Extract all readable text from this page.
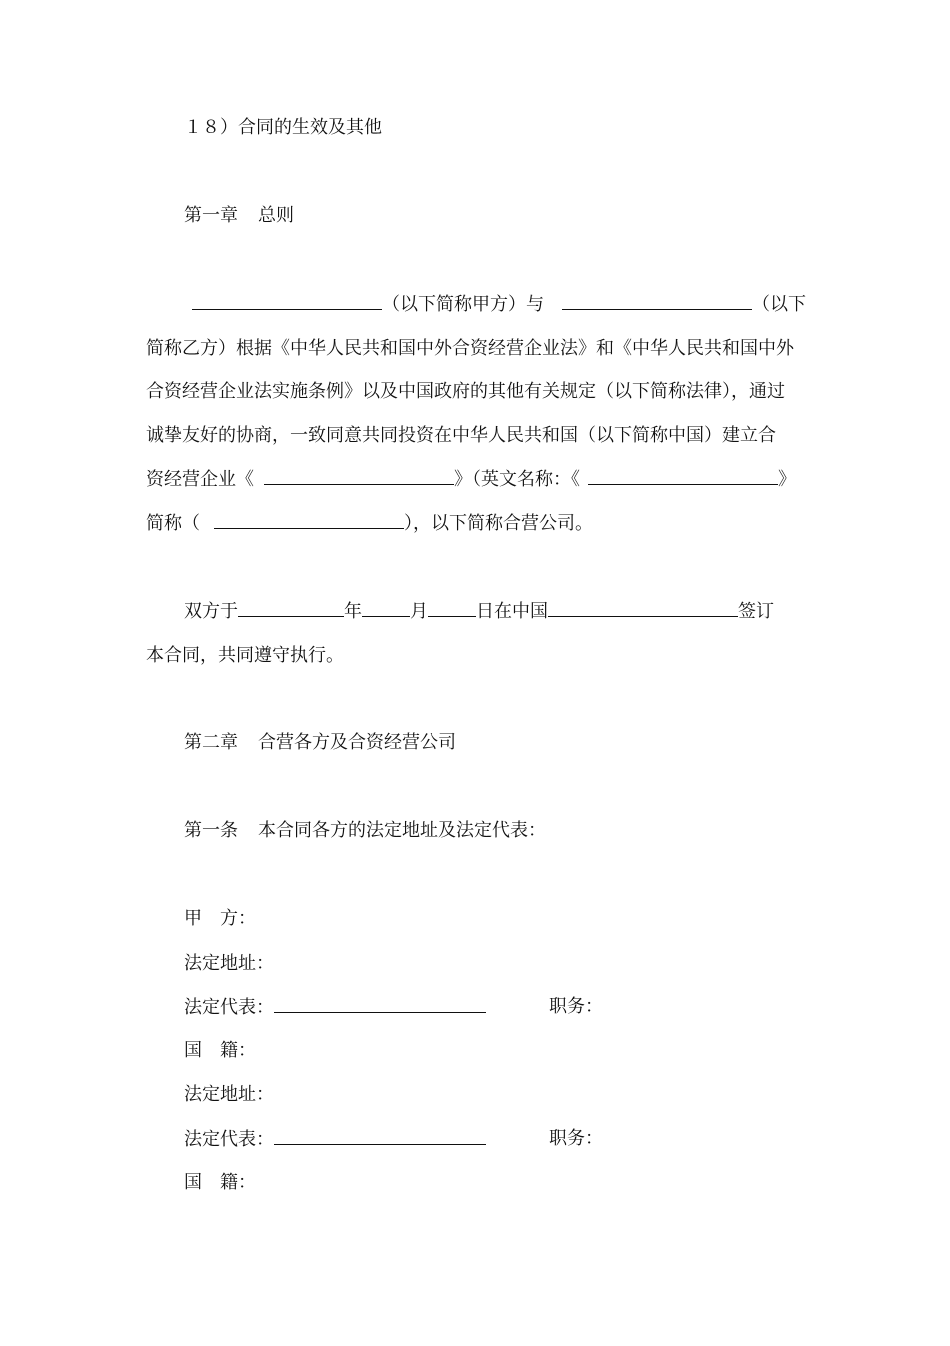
１８）合同的生效及其他
第一章 总则
（以下简称甲方）与	（以下
简称乙方）根据《中华人民共和国中外合资经营企业法》和《中华人民共和国中外
合资经营企业法实施条例》以及中国政府的其他有关规定（以下简称法律），通过
诚挚友好的协商，一致同意共同投资在中华人民共和国（以下简称中国）建立合
资经营企业《	》（英文名称：《	》
简称（	），以下简称合营公司。
双方于	年	月	日在中国	签订
本合同，共同遵守执行。
第二章 合营各方及合资经营公司
第一条 本合同各方的法定地址及法定代表：
甲　方：
法定地址：
法定代表：	职务：
国　籍：
法定地址：
法定代表：	职务：
国　籍：
